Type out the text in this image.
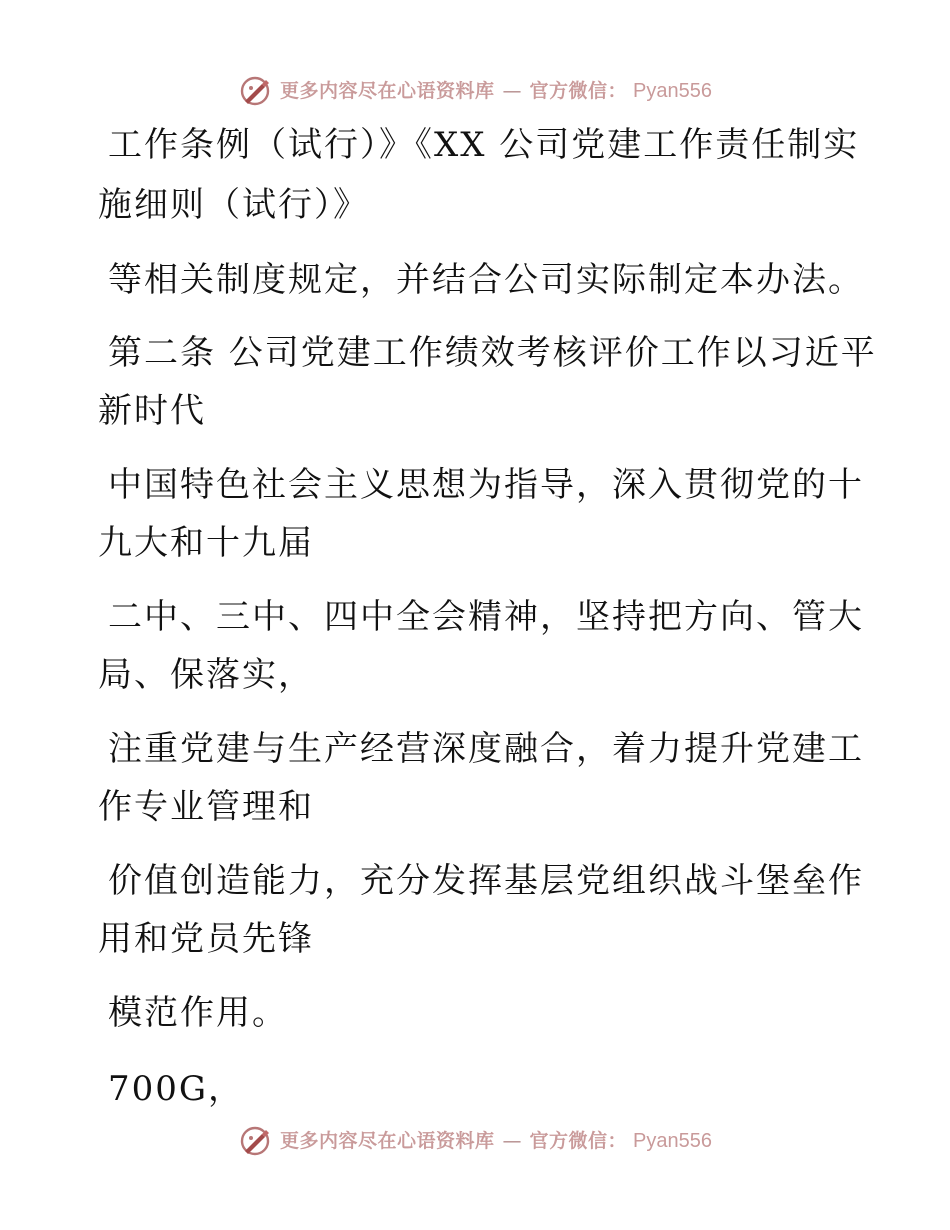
更多内容尽在心语资料库 — 官方微信： Pyan556
工作条例（试行）》《XX 公司党建工作责任制实
施细则（试行）》
等相关制度规定，并结合公司实际制定本办法。
第二条 公司党建工作绩效考核评价工作以习近平
新时代
中国特色社会主义思想为指导，深入贯彻党的十
九大和十九届
二中、三中、四中全会精神，坚持把方向、管大
局、保落实，
注重党建与生产经营深度融合，着力提升党建工
作专业管理和
价值创造能力，充分发挥基层党组织战斗堡垒作
用和党员先锋
模范作用。
700G，
更多内容尽在心语资料库 — 官方微信： Pyan556
